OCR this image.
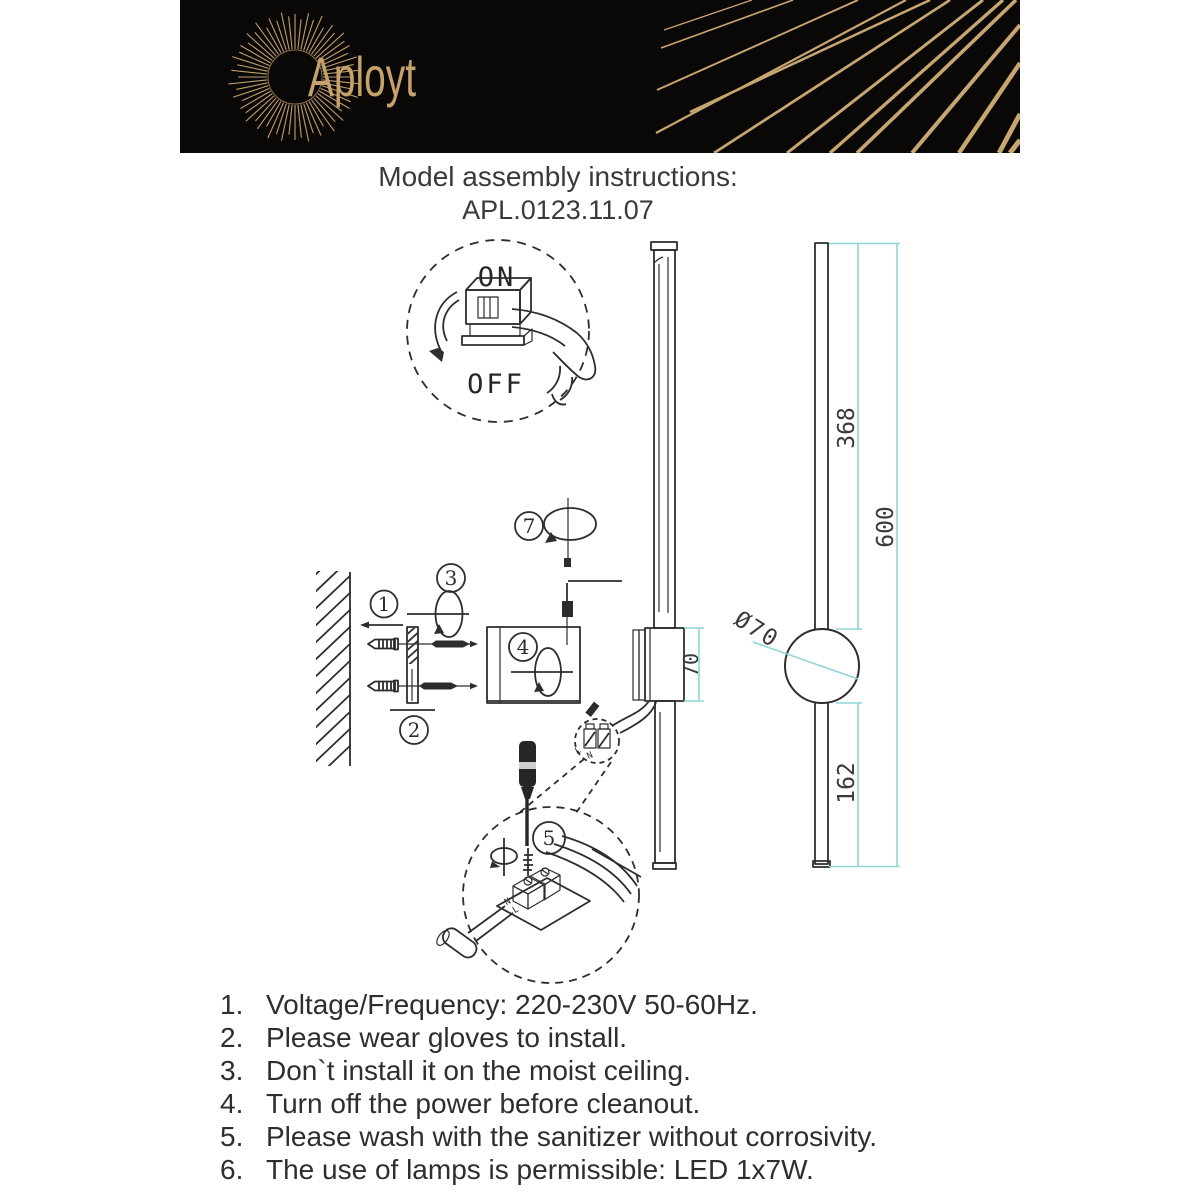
Aployt
Model assembly instructions:
APL.0123.11.07
ON
OFF
7
70
L N
5
N
L
1
3
2
4
368
600
162
Ø70
1. Voltage/Frequency: 220-230V 50-60Hz.
2. Please wear gloves to install.
3. Don`t install it on the moist ceiling.
4. Turn off the power before cleanout.
5. Please wash with the sanitizer without corrosivity.
6. The use of lamps is permissible: LED 1x7W.
